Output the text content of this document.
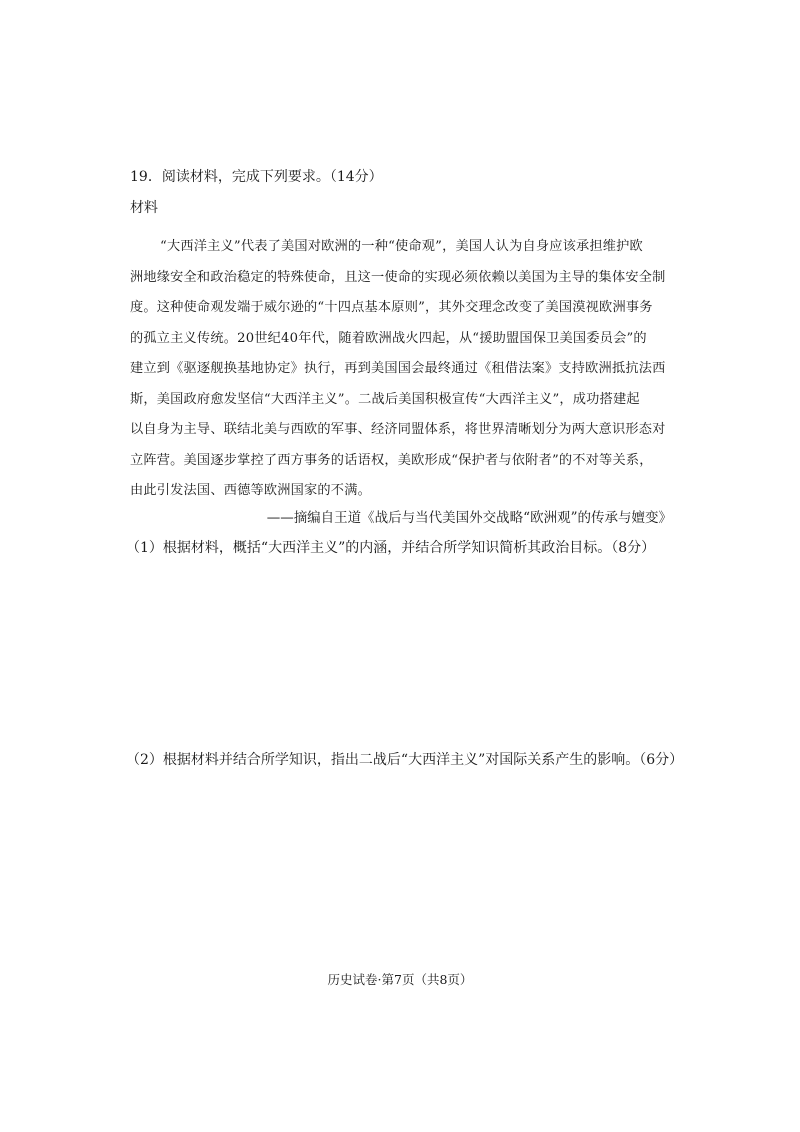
19．阅读材料，完成下列要求。（14分）
材料
“大西洋主义”代表了美国对欧洲的一种“使命观”，美国人认为自身应该承担维护欧
洲地缘安全和政治稳定的特殊使命，且这一使命的实现必须依赖以美国为主导的集体安全制
度。这种使命观发端于威尔逊的“十四点基本原则”，其外交理念改变了美国漠视欧洲事务
的孤立主义传统。20世纪40年代，随着欧洲战火四起，从“援助盟国保卫美国委员会”的
建立到《驱逐舰换基地协定》执行，再到美国国会最终通过《租借法案》支持欧洲抵抗法西
斯，美国政府愈发坚信“大西洋主义”。二战后美国积极宣传“大西洋主义”，成功搭建起
以自身为主导、联结北美与西欧的军事、经济同盟体系，将世界清晰划分为两大意识形态对
立阵营。美国逐步掌控了西方事务的话语权，美欧形成“保护者与依附者”的不对等关系，
由此引发法国、西德等欧洲国家的不满。
——摘编自王道《战后与当代美国外交战略“欧洲观”的传承与嬗变》
（1）根据材料，概括“大西洋主义”的内涵，并结合所学知识简析其政治目标。（8分）
（2）根据材料并结合所学知识，指出二战后“大西洋主义”对国际关系产生的影响。（6分）
历史试卷·第7页（共8页）
